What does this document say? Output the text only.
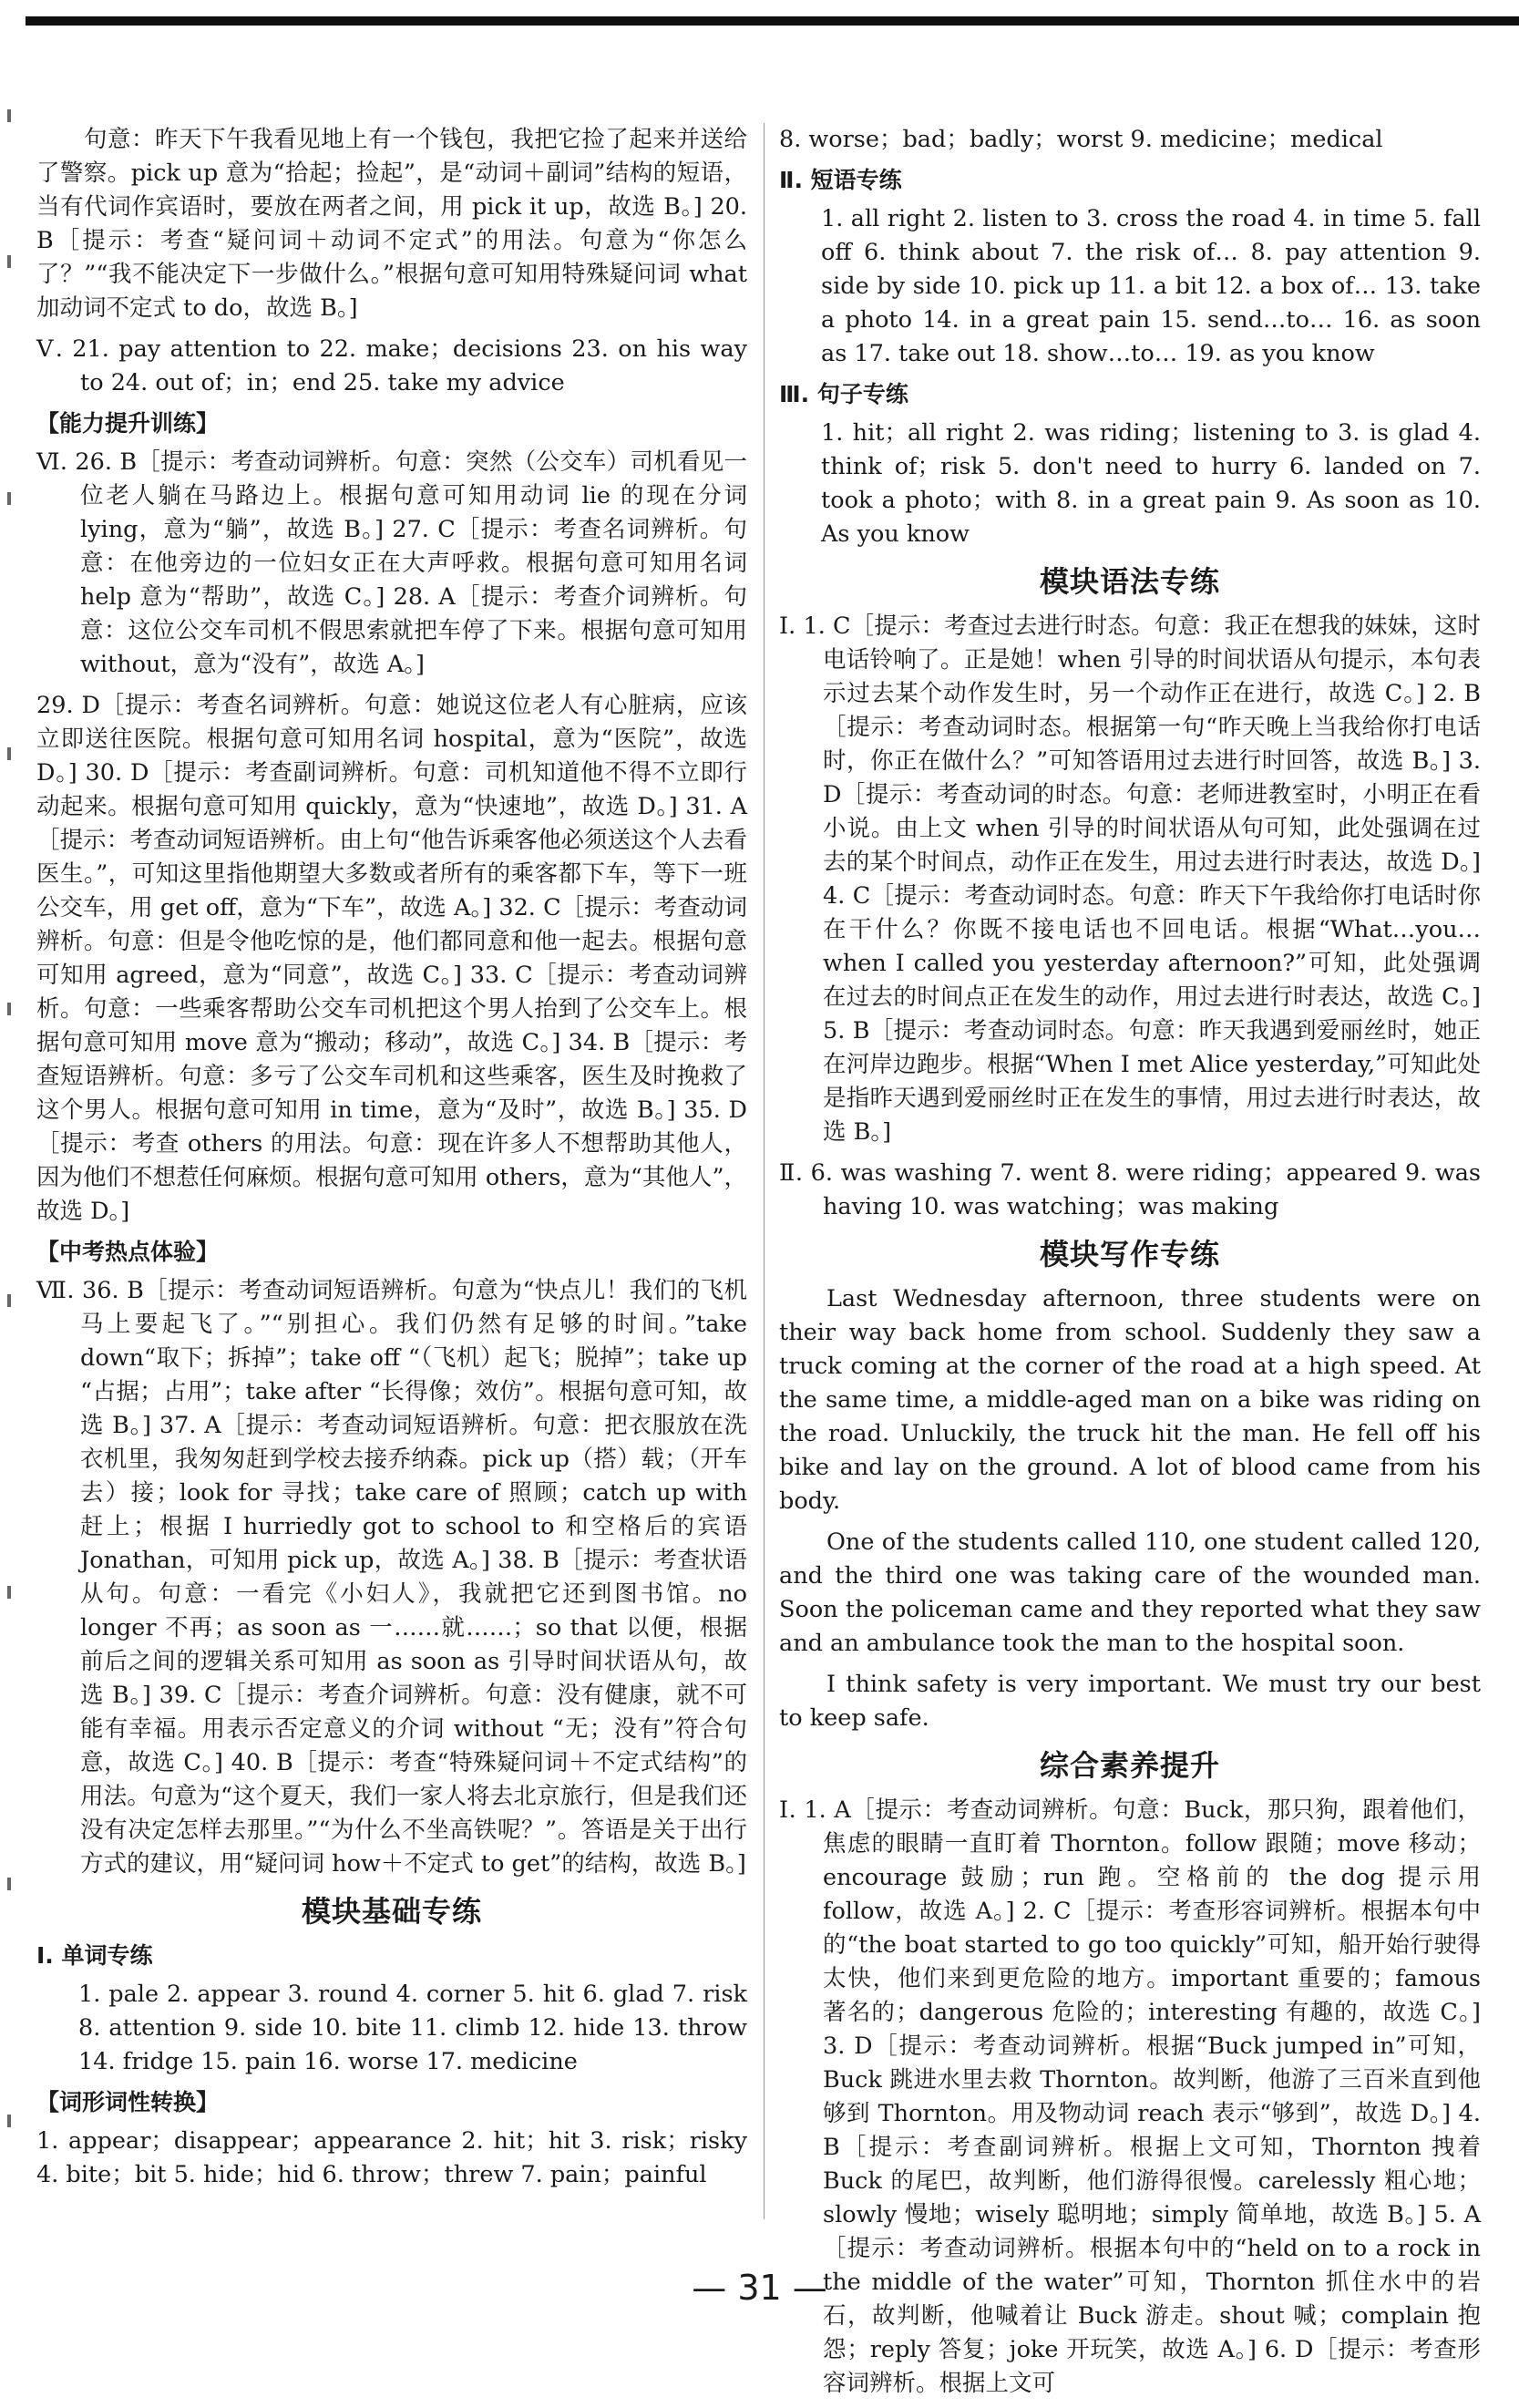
句意：昨天下午我看见地上有一个钱包，我把它捡了起来并送给了警察。pick up 意为“拾起；捡起”，是“动词＋副词”结构的短语，当有代词作宾语时，要放在两者之间，用 pick it up，故选 B。] 20. B［提示：考查“疑问词＋动词不定式”的用法。句意为“你怎么了？”“我不能决定下一步做什么。”根据句意可知用特殊疑问词 what 加动词不定式 to do，故选 B。]

Ⅴ. 21. pay attention to 22. make；decisions 23. on his way to 24. out of；in；end 25. take my advice

【能力提升训练】

Ⅵ. 26. B［提示：考查动词辨析。句意：突然（公交车）司机看见一位老人躺在马路边上。根据句意可知用动词 lie 的现在分词 lying，意为“躺”，故选 B。] 27. C［提示：考查名词辨析。句意：在他旁边的一位妇女正在大声呼救。根据句意可知用名词 help 意为“帮助”，故选 C。] 28. A［提示：考查介词辨析。句意：这位公交车司机不假思索就把车停了下来。根据句意可知用 without，意为“没有”，故选 A。]

29. D［提示：考查名词辨析。句意：她说这位老人有心脏病，应该立即送往医院。根据句意可知用名词 hospital，意为“医院”，故选 D。] 30. D［提示：考查副词辨析。句意：司机知道他不得不立即行动起来。根据句意可知用 quickly，意为“快速地”，故选 D。] 31. A［提示：考查动词短语辨析。由上句“他告诉乘客他必须送这个人去看医生。”，可知这里指他期望大多数或者所有的乘客都下车，等下一班公交车，用 get off，意为“下车”，故选 A。] 32. C［提示：考查动词辨析。句意：但是令他吃惊的是，他们都同意和他一起去。根据句意可知用 agreed，意为“同意”，故选 C。] 33. C［提示：考查动词辨析。句意：一些乘客帮助公交车司机把这个男人抬到了公交车上。根据句意可知用 move 意为“搬动；移动”，故选 C。] 34. B［提示：考查短语辨析。句意：多亏了公交车司机和这些乘客，医生及时挽救了这个男人。根据句意可知用 in time，意为“及时”，故选 B。] 35. D［提示：考查 others 的用法。句意：现在许多人不想帮助其他人，因为他们不想惹任何麻烦。根据句意可知用 others，意为“其他人”，故选 D。]

【中考热点体验】

Ⅶ. 36. B［提示：考查动词短语辨析。句意为“快点儿！我们的飞机马上要起飞了。”“别担心。我们仍然有足够的时间。”take down“取下；拆掉”；take off “（飞机）起飞；脱掉”；take up “占据；占用”；take after “长得像；效仿”。根据句意可知，故选 B。] 37. A［提示：考查动词短语辨析。句意：把衣服放在洗衣机里，我匆匆赶到学校去接乔纳森。pick up（搭）载；（开车去）接；look for 寻找；take care of 照顾；catch up with 赶上；根据 I hurriedly got to school to 和空格后的宾语 Jonathan，可知用 pick up，故选 A。] 38. B［提示：考查状语从句。句意：一看完《小妇人》，我就把它还到图书馆。no longer 不再；as soon as 一……就……；so that 以便，根据前后之间的逻辑关系可知用 as soon as 引导时间状语从句，故选 B。] 39. C［提示：考查介词辨析。句意：没有健康，就不可能有幸福。用表示否定意义的介词 without “无；没有”符合句意，故选 C。] 40. B［提示：考查“特殊疑问词＋不定式结构”的用法。句意为“这个夏天，我们一家人将去北京旅行，但是我们还没有决定怎样去那里。”“为什么不坐高铁呢？”。答语是关于出行方式的建议，用“疑问词 how＋不定式 to get”的结构，故选 B。]

模块基础专练
Ⅰ. 单词专练

1. pale 2. appear 3. round 4. corner 5. hit 6. glad 7. risk 8. attention 9. side 10. bite 11. climb 12. hide 13. throw 14. fridge 15. pain 16. worse 17. medicine

【词形词性转换】

1. appear；disappear；appearance 2. hit；hit 3. risk；risky 4. bite；bit 5. hide；hid 6. throw；threw 7. pain；painful

8. worse；bad；badly；worst 9. medicine；medical

Ⅱ. 短语专练

1. all right 2. listen to 3. cross the road 4. in time 5. fall off 6. think about 7. the risk of… 8. pay attention 9. side by side 10. pick up 11. a bit 12. a box of… 13. take a photo 14. in a great pain 15. send…to… 16. as soon as 17. take out 18. show…to… 19. as you know

Ⅲ. 句子专练

1. hit；all right 2. was riding；listening to 3. is glad 4. think of；risk 5. don't need to hurry 6. landed on 7. took a photo；with 8. in a great pain 9. As soon as 10. As you know

模块语法专练

Ⅰ. 1. C［提示：考查过去进行时态。句意：我正在想我的妹妹，这时电话铃响了。正是她！when 引导的时间状语从句提示，本句表示过去某个动作发生时，另一个动作正在进行，故选 C。] 2. B［提示：考查动词时态。根据第一句“昨天晚上当我给你打电话时，你正在做什么？”可知答语用过去进行时回答，故选 B。] 3. D［提示：考查动词的时态。句意：老师进教室时，小明正在看小说。由上文 when 引导的时间状语从句可知，此处强调在过去的某个时间点，动作正在发生，用过去进行时表达，故选 D。] 4. C［提示：考查动词时态。句意：昨天下午我给你打电话时你在干什么？你既不接电话也不回电话。根据“What…you…when I called you yesterday afternoon?”可知，此处强调在过去的时间点正在发生的动作，用过去进行时表达，故选 C。] 5. B［提示：考查动词时态。句意：昨天我遇到爱丽丝时，她正在河岸边跑步。根据“When I met Alice yesterday,”可知此处是指昨天遇到爱丽丝时正在发生的事情，用过去进行时表达，故选 B。]

Ⅱ. 6. was washing 7. went 8. were riding；appeared 9. was having 10. was watching；was making

模块写作专练

Last Wednesday afternoon, three students were on their way back home from school. Suddenly they saw a truck coming at the corner of the road at a high speed. At the same time, a middle-aged man on a bike was riding on the road. Unluckily, the truck hit the man. He fell off his bike and lay on the ground. A lot of blood came from his body.

One of the students called 110, one student called 120, and the third one was taking care of the wounded man. Soon the policeman came and they reported what they saw and an ambulance took the man to the hospital soon.

I think safety is very important. We must try our best to keep safe.

综合素养提升

Ⅰ. 1. A［提示：考查动词辨析。句意：Buck，那只狗，跟着他们，焦虑的眼睛一直盯着 Thornton。follow 跟随；move 移动；encourage 鼓励；run 跑。空格前的 the dog 提示用 follow，故选 A。] 2. C［提示：考查形容词辨析。根据本句中的“the boat started to go too quickly”可知，船开始行驶得太快，他们来到更危险的地方。important 重要的；famous 著名的；dangerous 危险的；interesting 有趣的，故选 C。] 3. D［提示：考查动词辨析。根据“Buck jumped in”可知，Buck 跳进水里去救 Thornton。故判断，他游了三百米直到他够到 Thornton。用及物动词 reach 表示“够到”，故选 D。] 4. B［提示：考查副词辨析。根据上文可知，Thornton 拽着 Buck 的尾巴，故判断，他们游得很慢。carelessly 粗心地；slowly 慢地；wisely 聪明地；simply 简单地，故选 B。] 5. A［提示：考查动词辨析。根据本句中的“held on to a rock in the middle of the water”可知，Thornton 抓住水中的岩石，故判断，他喊着让 Buck 游走。shout 喊；complain 抱怨；reply 答复；joke 开玩笑，故选 A。] 6. D［提示：考查形容词辨析。根据上文可

— 31 —
